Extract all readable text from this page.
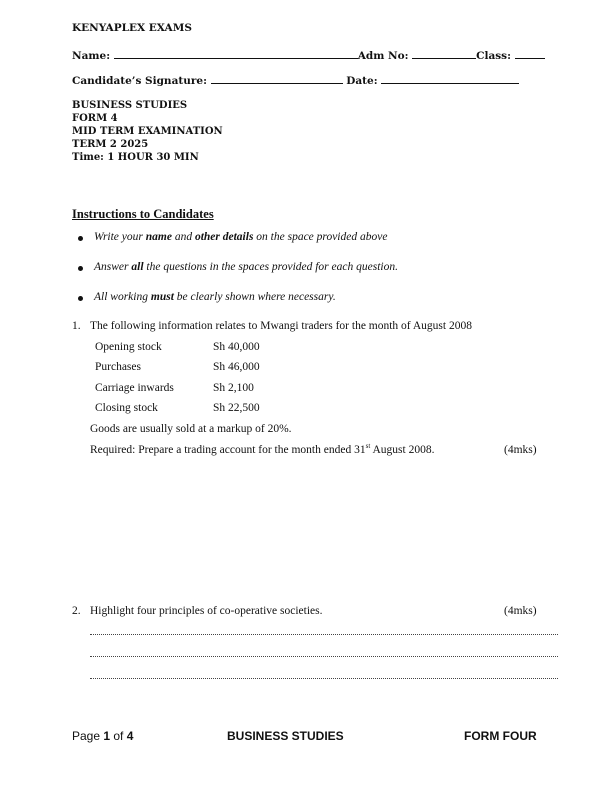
KENYAPLEX EXAMS
Name:	Adm No:	Class:
Candidate’s Signature:	Date:
BUSINESS STUDIES
FORM 4
MID TERM EXAMINATION
TERM 2 2025
Time: 1 HOUR 30 MIN
Instructions to Candidates
Write your name and other details on the space provided above
Answer all the questions in the spaces provided for each question.
All working must be clearly shown where necessary.
1. The following information relates to Mwangi traders for the month of August 2008
Opening stock	Sh 40,000
Purchases	Sh 46,000
Carriage inwards	Sh 2,100
Closing stock	Sh 22,500
Goods are usually sold at a markup of 20%.
Required: Prepare a trading account for the month ended 31st August 2008.	(4mks)
2. Highlight four principles of co-operative societies.	(4mks)
Page 1 of 4	BUSINESS STUDIES	FORM FOUR
